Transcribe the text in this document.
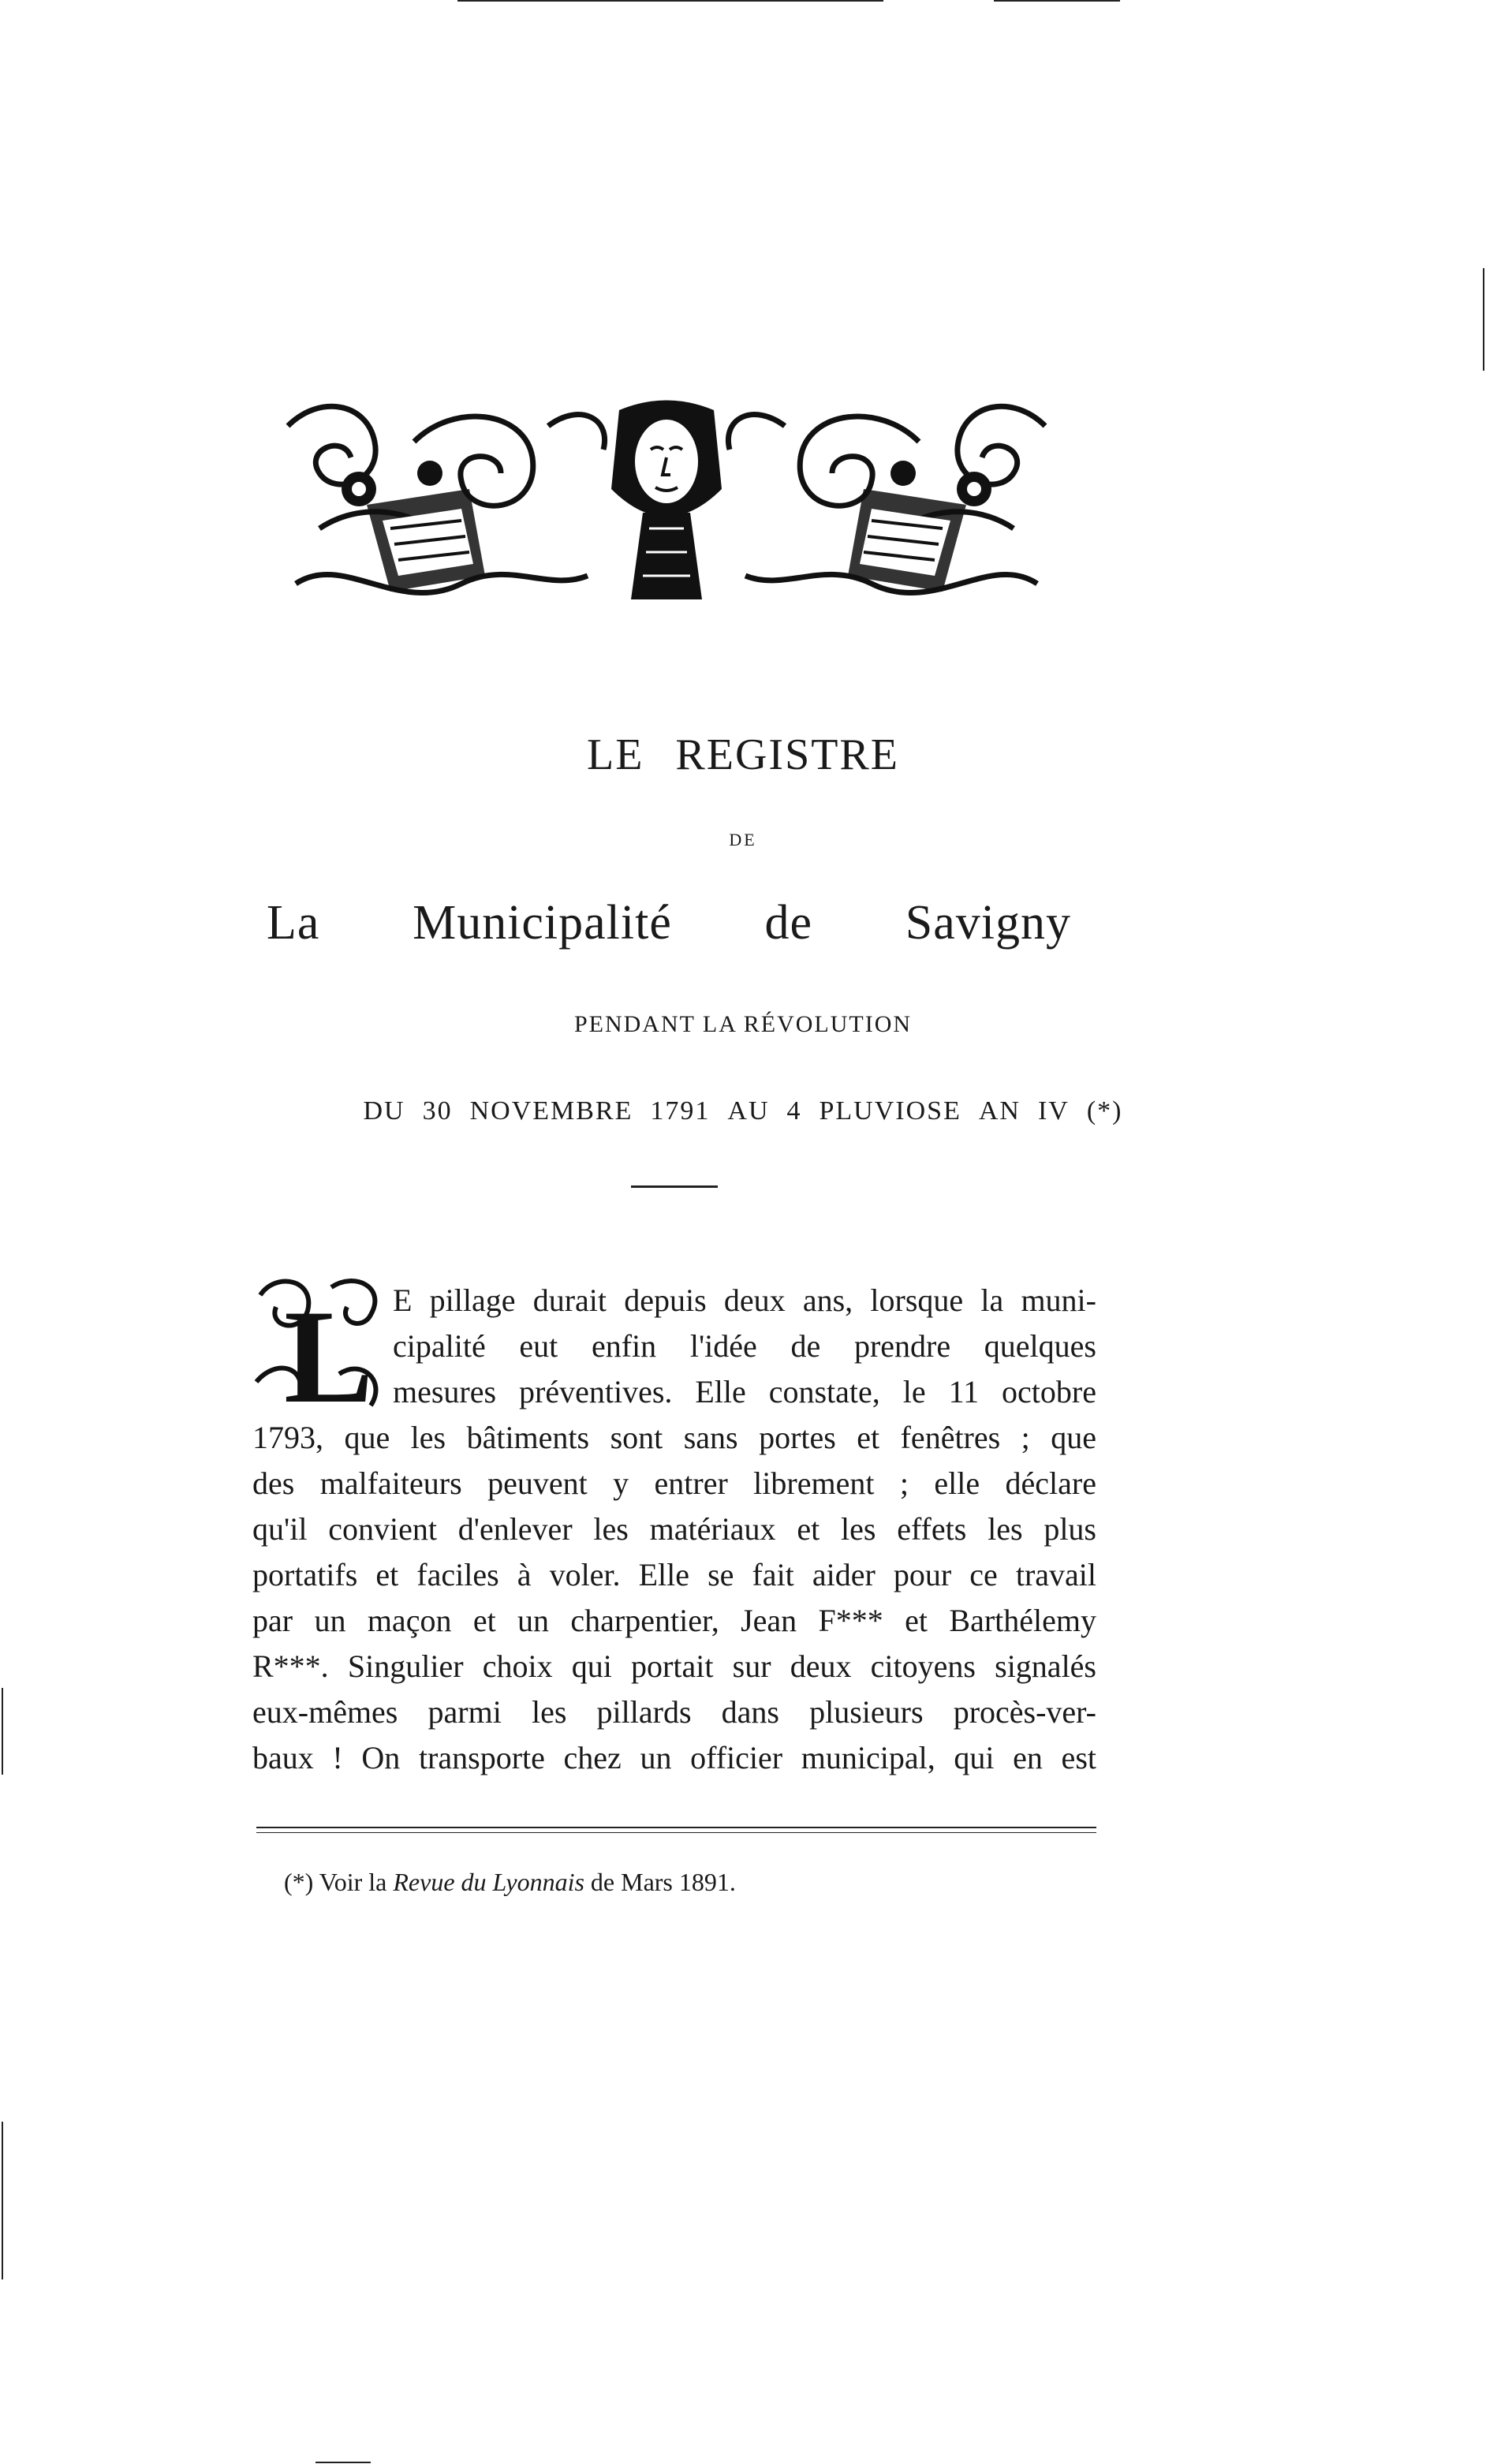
LE REGISTRE
DE
La Municipalité de Savigny
PENDANT LA RÉVOLUTION
DU 30 NOVEMBRE 1791 AU 4 PLUVIOSE AN IV (*)
L E pillage durait depuis deux ans, lorsque la muni-
cipalité eut enfin l'idée de prendre quelques
mesures préventives. Elle constate, le 11 octobre
1793, que les bâtiments sont sans portes et fenêtres ; que
des malfaiteurs peuvent y entrer librement ; elle déclare
qu'il convient d'enlever les matériaux et les effets les plus
portatifs et faciles à voler. Elle se fait aider pour ce travail
par un maçon et un charpentier, Jean F*** et Barthélemy
R***. Singulier choix qui portait sur deux citoyens signalés
eux-mêmes parmi les pillards dans plusieurs procès-ver-
baux ! On transporte chez un officier municipal, qui en est
(*) Voir la Revue du Lyonnais de Mars 1891.
